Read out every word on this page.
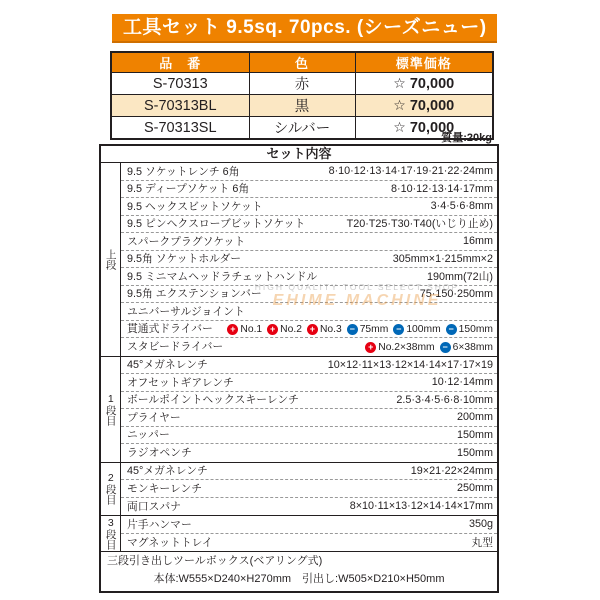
工具セット 9.5sq. 70pcs. (シーズニュー)
品　番	色	標準価格
S-70313	赤	☆ 70,000
S-70313BL	黒	☆ 70,000
S-70313SL	シルバー	☆ 70,000
質量:20kg
セット内容
上段
9.5 ソケットレンチ 6角	8·10·12·13·14·17·19·21·22·24mm
9.5 ディープソケット 6角	8·10·12·13·14·17mm
9.5 ヘックスビットソケット	3·4·5·6·8mm
9.5 ピンヘクスローブビットソケット	T20·T25·T30·T40(いじり止め)
スパークプラグソケット	16mm
9.5角 ソケットホルダー	305mm×1·215mm×2
9.5 ミニマムヘッドラチェットハンドル	190mm(72山)
9.5角 エクステンションバー	75·150·250mm
ユニバーサルジョイント
貫通式ドライバー	+ No.1 + No.2 + No.3 − 75mm − 100mm − 150mm
スタビードライバー	+ No.2×38mm − 6×38mm
1段目
45°メガネレンチ	10×12·11×13·12×14·14×17·17×19
オフセットギアレンチ	10·12·14mm
ボールポイントヘックスキーレンチ	2.5·3·4·5·6·8·10mm
プライヤー	200mm
ニッパー	150mm
ラジオペンチ	150mm
2段目
45°メガネレンチ	19×21·22×24mm
モンキーレンチ	250mm
両口スパナ	8×10·11×13·12×14·14×17mm
3段目 片手ハンマー	350g
マグネットトレイ	丸型
三段引き出しツールボックス(ベアリング式)
本体:W555×D240×H270mm　引出し:W505×D210×H50mm
HIGH QUALITY TOOL SELECT SHOP
EHIME MACHINE
